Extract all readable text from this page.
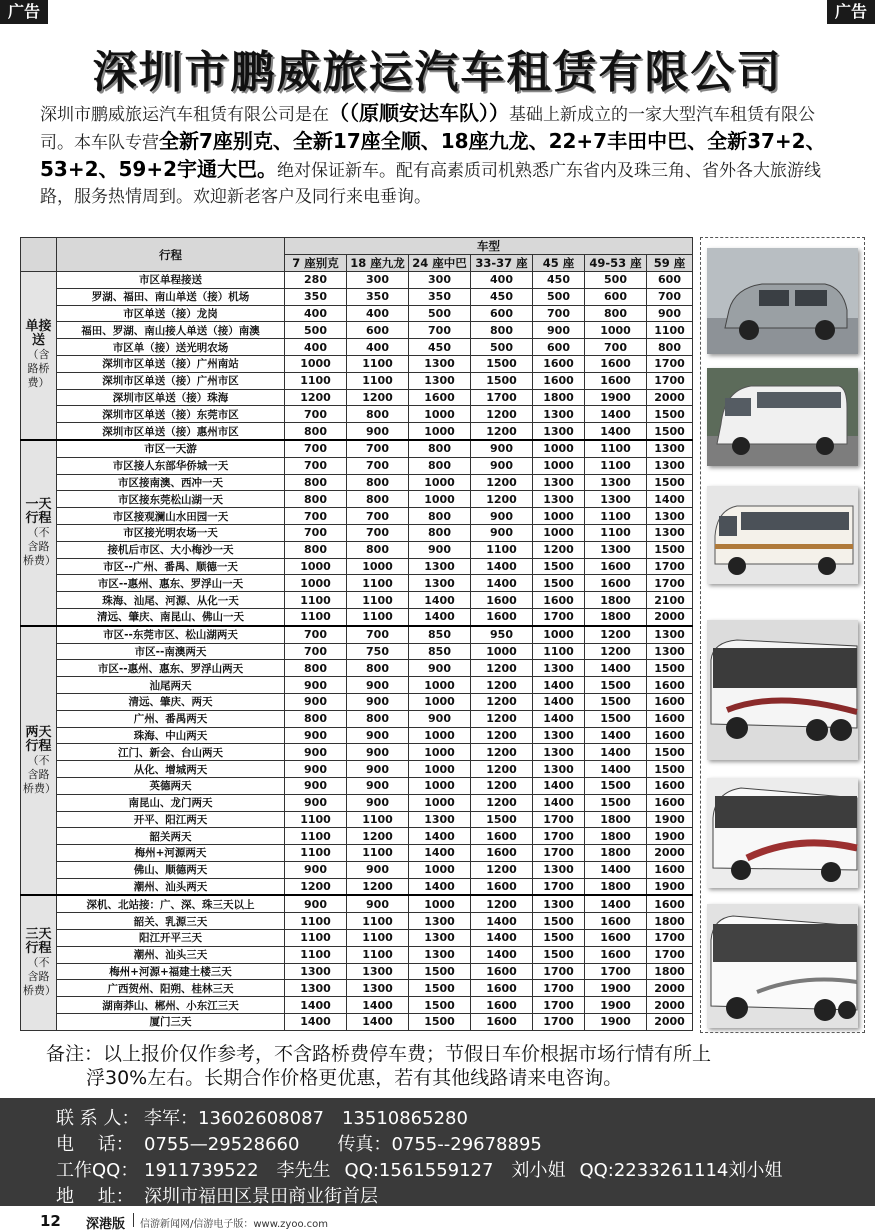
广告	广告
深圳市鹏威旅运汽车租赁有限公司
深圳市鹏威旅运汽车租赁有限公司是在（（原顺安达车队））基础上新成立的一家大型汽车租赁有限公司。本车队专营全新7座别克、全新17座全顺、18座九龙、22+7丰田中巴、全新37+2、53+2、59+2宇通大巴。绝对保证新车。配有高素质司机熟悉广东省内及珠三角、省外各大旅游线路，服务热情周到。欢迎新老客户及同行来电垂询。
	行程	车型						
		7 座别克	18 座九龙	24 座中巴	33-37 座	45 座	49-53 座	59 座

单接送
（含路桥费）	市区单程接送	280	300	300	400	450	500	600
	罗湖、福田、南山单送（接）机场	350	350	350	450	500	600	700
	市区单送（接）龙岗	400	400	500	600	700	800	900
	福田、罗湖、南山接人单送（接）南澳	500	600	700	800	900	1000	1100
	市区单（接）送光明农场	400	400	450	500	600	700	800
	深圳市区单送（接）广州南站	1000	1100	1300	1500	1600	1600	1700
	深圳市区单送（接）广州市区	1100	1100	1300	1500	1600	1600	1700
	深圳市区单送（接）珠海	1200	1200	1600	1700	1800	1900	2000
	深圳市区单送（接）东莞市区	700	800	1000	1200	1300	1400	1500
	深圳市区单送（接）惠州市区	800	900	1000	1200	1300	1400	1500

一天行程
（不含路桥费）	市区一天游	700	700	800	900	1000	1100	1300
	市区接人东部华侨城一天	700	700	800	900	1000	1100	1300
	市区接南澳、西冲一天	800	800	1000	1200	1300	1300	1500
	市区接东莞松山湖一天	800	800	1000	1200	1300	1300	1400
	市区接观澜山水田园一天	700	700	800	900	1000	1100	1300
	市区接光明农场一天	700	700	800	900	1000	1100	1300
	接机后市区、大小梅沙一天	800	800	900	1100	1200	1300	1500
	市区--广州、番禺、顺德一天	1000	1000	1300	1400	1500	1600	1700
	市区--惠州、惠东、罗浮山一天	1000	1100	1300	1400	1500	1600	1700
	珠海、汕尾、河源、从化一天	1100	1100	1400	1600	1600	1800	2100
	清远、肇庆、南昆山、佛山一天	1100	1100	1400	1600	1700	1800	2000

两天行程
（不含路桥费）	市区--东莞市区、松山湖两天	700	700	850	950	1000	1200	1300
	市区--南澳两天	700	750	850	1000	1100	1200	1300
	市区--惠州、惠东、罗浮山两天	800	800	900	1200	1300	1400	1500
	汕尾两天	900	900	1000	1200	1400	1500	1600
	清远、肇庆、两天	900	900	1000	1200	1400	1500	1600
	广州、番禺两天	800	800	900	1200	1400	1500	1600
	珠海、中山两天	900	900	1000	1200	1300	1400	1600
	江门、新会、台山两天	900	900	1000	1200	1300	1400	1500
	从化、增城两天	900	900	1000	1200	1300	1400	1500
	英德两天	900	900	1000	1200	1400	1500	1600
	南昆山、龙门两天	900	900	1000	1200	1400	1500	1600
	开平、阳江两天	1100	1100	1300	1500	1700	1800	1900
	韶关两天	1100	1200	1400	1600	1700	1800	1900
	梅州+河源两天	1100	1100	1400	1600	1700	1800	2000
	佛山、顺德两天	900	900	1000	1200	1300	1400	1600
	潮州、汕头两天	1200	1200	1400	1600	1700	1800	1900

三天行程
（不含路桥费）	深机、北站接：广、深、珠三天以上	900	900	1000	1200	1300	1400	1600
	韶关、乳源三天	1100	1100	1300	1400	1500	1600	1800
	阳江开平三天	1100	1100	1300	1400	1500	1600	1700
	潮州、汕头三天	1100	1100	1300	1400	1500	1600	1700
	梅州+河源+福建土楼三天	1300	1300	1500	1600	1700	1700	1800
	广西贺州、阳朔、桂林三天	1300	1300	1500	1600	1700	1900	2000
	湖南莽山、郴州、小东江三天	1400	1400	1500	1600	1700	1900	2000
	厦门三天	1400	1400	1500	1600	1700	1900	2000
备注：以上报价仅作参考，不含路桥费停车费；节假日车价根据市场行情有所上
浮30%左右。长期合作价格更优惠，若有其他线路请来电咨询。
联 系 人： 李军：13602608087　13510865280
电　 话： 0755—29528660 传真：0755--29678895
工作QQ： 1911739522　李先生 QQ:1561559127　刘小姐 QQ:2233261114刘小姐
地　 址： 深圳市福田区景田商业街首层
12 深港版 信游新闻网/信游电子版：www.zyoo.com
